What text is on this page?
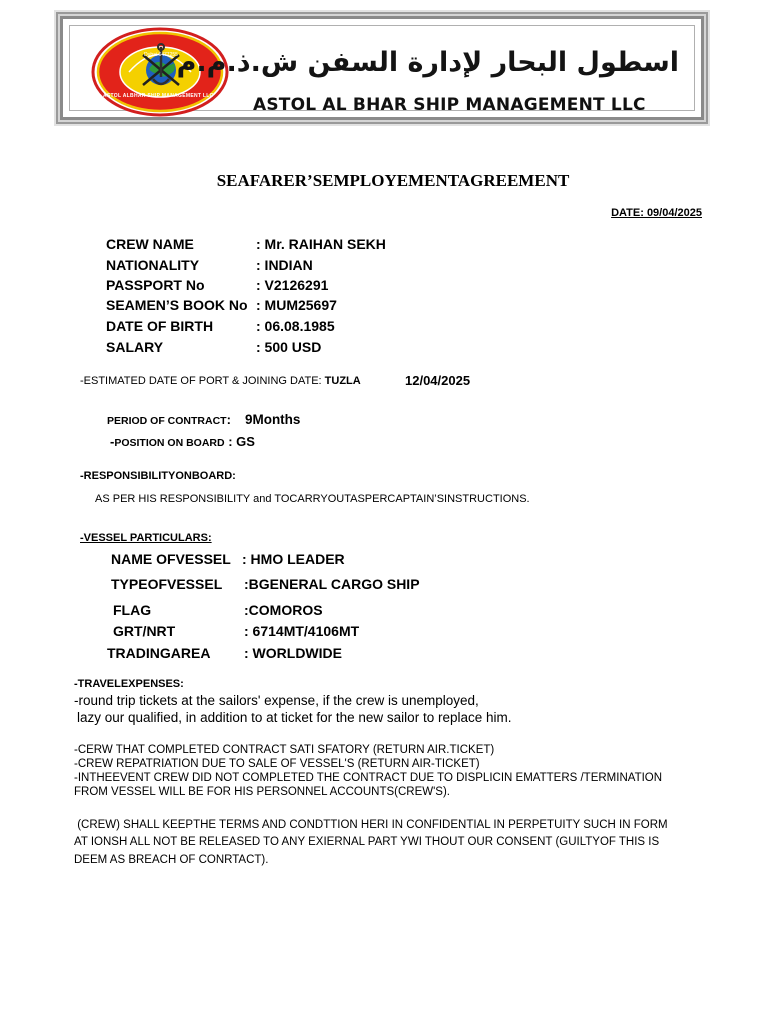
Dubai 6477255
ASTOL ALBHAR SHIP MANAGEMENT LLC
اسطول البحار لإدارة السفن ش.ذ.م.م
ASTOL AL BHAR SHIP MANAGEMENT LLC
SEAFARER’SEMPLOYEMENTAGREEMENT
DATE: 09/04/2025
CREW NAME	: Mr. RAIHAN SEKH
NATIONALITY	: INDIAN
PASSPORT No	: V2126291
SEAMEN’S BOOK No : MUM25697
DATE OF BIRTH	: 06.08.1985
SALARY	: 500 USD
-ESTIMATED DATE OF PORT & JOINING DATE: TUZLA	12/04/2025
PERIOD OF CONTRACT: 9Months
-POSITION ON BOARD : GS
-RESPONSIBILITYONBOARD:
AS PER HIS RESPONSIBILITY and TOCARRYOUTASPERCAPTAIN’SINSTRUCTIONS.
-VESSEL PARTICULARS:
NAME OFVESSEL : HMO LEADER
TYPEOFVESSEL :BGENERAL CARGO SHIP
FLAG	:COMOROS
GRT/NRT	: 6714MT/4106MT
TRADINGAREA : WORLDWIDE
-TRAVELEXPENSES:
-round trip tickets at the sailors' expense, if the crew is unemployed,
lazy our qualified, in addition to at ticket for the new sailor to replace him.
-CERW THAT COMPLETED CONTRACT SATI SFATORY (RETURN AIR.TICKET)
-CREW REPATRIATION DUE TO SALE OF VESSEL'S (RETURN AIR-TICKET)
-INTHEEVENT CREW DID NOT COMPLETED THE CONTRACT DUE TO DISPLICIN EMATTERS /TERMINATION
FROM VESSEL WILL BE FOR HIS PERSONNEL ACCOUNTS(CREW'S).
(CREW) SHALL KEEPTHE TERMS AND CONDTTION HERI IN CONFIDENTIAL IN PERPETUITY SUCH IN FORM
AT IONSH ALL NOT BE RELEASED TO ANY EXIERNAL PART YWI THOUT OUR CONSENT (GUILTYOF THIS IS
DEEM AS BREACH OF CONRTACT).
